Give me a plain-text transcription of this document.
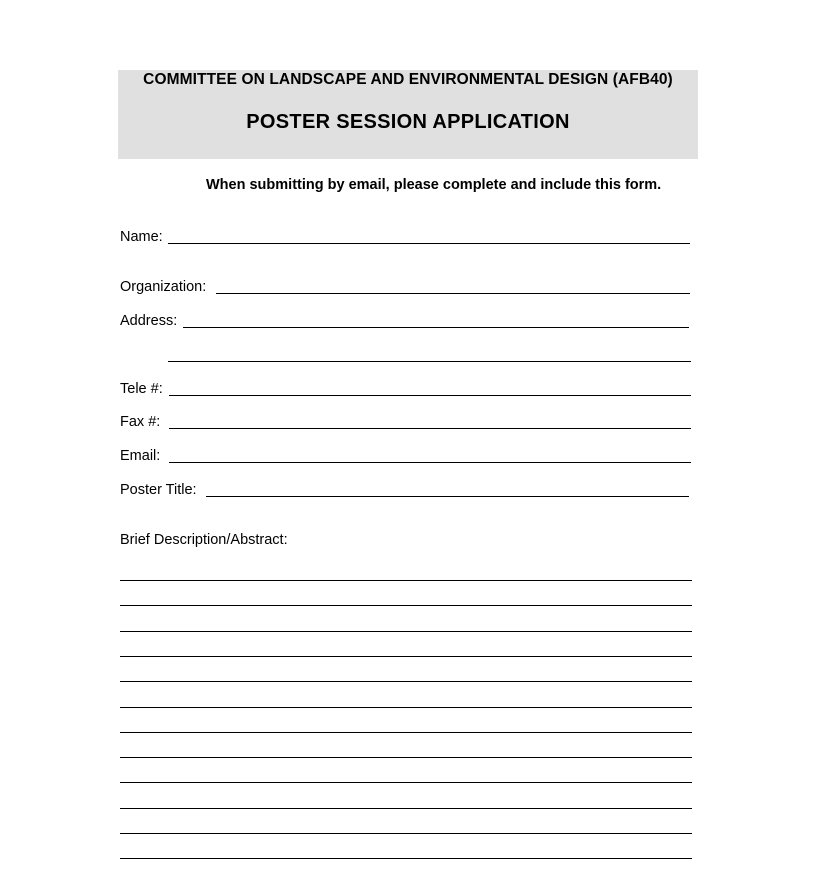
COMMITTEE ON LANDSCAPE AND ENVIRONMENTAL DESIGN (AFB40)
POSTER SESSION APPLICATION
When submitting by email, please complete and include this form.
Name:
Organization:
Address:
Tele #:
Fax #:
Email:
Poster Title:
Brief Description/Abstract:
